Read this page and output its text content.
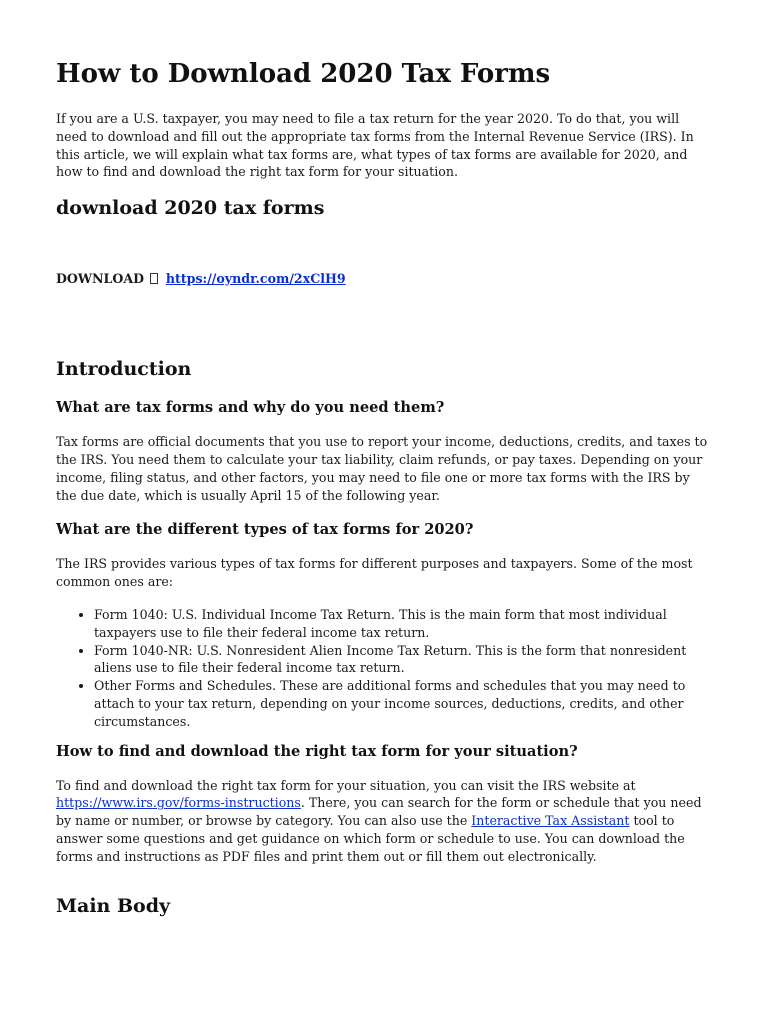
How to Download 2020 Tax Forms

If you are a U.S. taxpayer, you may need to file a tax return for the year 2020. To do that, you will need to download and fill out the appropriate tax forms from the Internal Revenue Service (IRS). In this article, we will explain what tax forms are, what types of tax forms are available for 2020, and how to find and download the right tax form for your situation.

download 2020 tax forms
DOWNLOAD https://oyndr.com/2xClH9
Introduction
What are tax forms and why do you need them?

Tax forms are official documents that you use to report your income, deductions, credits, and taxes to the IRS. You need them to calculate your tax liability, claim refunds, or pay taxes. Depending on your income, filing status, and other factors, you may need to file one or more tax forms with the IRS by the due date, which is usually April 15 of the following year.

What are the different types of tax forms for 2020?

The IRS provides various types of tax forms for different purposes and taxpayers. Some of the most common ones are:

• Form 1040: U.S. Individual Income Tax Return. This is the main form that most individual taxpayers use to file their federal income tax return.
• Form 1040-NR: U.S. Nonresident Alien Income Tax Return. This is the form that nonresident aliens use to file their federal income tax return.
• Other Forms and Schedules. These are additional forms and schedules that you may need to attach to your tax return, depending on your income sources, deductions, credits, and other circumstances.
How to find and download the right tax form for your situation?

To find and download the right tax form for your situation, you can visit the IRS website at https://www.irs.gov/forms-instructions. There, you can search for the form or schedule that you need by name or number, or browse by category. You can also use the Interactive Tax Assistant tool to answer some questions and get guidance on which form or schedule to use. You can download the forms and instructions as PDF files and print them out or fill them out electronically.

Main Body
